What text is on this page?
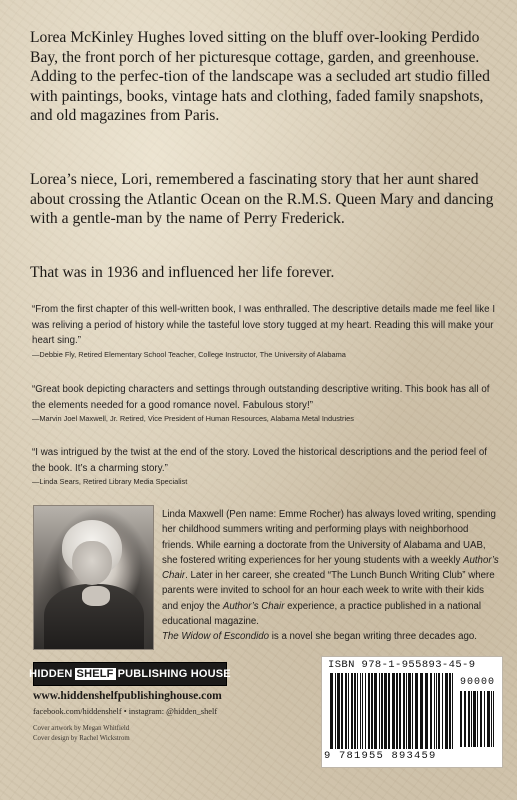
Lorea McKinley Hughes loved sitting on the bluff over-looking Perdido Bay, the front porch of her picturesque cottage, garden, and greenhouse. Adding to the perfec-tion of the landscape was a secluded art studio filled with paintings, books, vintage hats and clothing, faded family snapshots, and old magazines from Paris.

Lorea’s niece, Lori, remembered a fascinating story that her aunt shared about crossing the Atlantic Ocean on the R.M.S. Queen Mary and dancing with a gentle-man by the name of Perry Frederick.

That was in 1936 and influenced her life forever.

“From the first chapter of this well-written book, I was enthralled. The descriptive details made me feel like I was reliving a period of history while the tasteful love story tugged at my heart. Reading this will make your heart sing.”

—Debbie Fly, Retired Elementary School Teacher, College Instructor, The University of Alabama

“Great book depicting characters and settings through outstanding descriptive writing. This book has all of the elements needed for a good romance novel. Fabulous story!”

—Marvin Joel Maxwell, Jr. Retired, Vice President of Human Resources, Alabama Metal Industries

“I was intrigued by the twist at the end of the story. Loved the historical descriptions and the period feel of the book. It’s a charming story.”

—Linda Sears, Retired Library Media Specialist

Linda Maxwell (Pen name: Emme Rocher) has always loved writing, spending her childhood summers writing and performing plays with neighborhood friends. While earning a doctorate from the University of Alabama and UAB, she fostered writing experiences for her young students with a weekly Author’s Chair. Later in her career, she created “The Lunch Bunch Writing Club” where parents were invited to school for an hour each week to write with their kids and enjoy the Author’s Chair experience, a practice published in a national educational magazine.

The Widow of Escondido is a novel she began writing three decades ago.

HIDDEN SHELF PUBLISHING HOUSE
www.hiddenshelfpublishinghouse.com
facebook.com/hiddenshelf • instagram: @hidden_shelf
Cover artwork by Megan Whitfield
Cover design by Rachel Wickstrom
ISBN 978-1-955893-45-9
90000
9 781955 893459
